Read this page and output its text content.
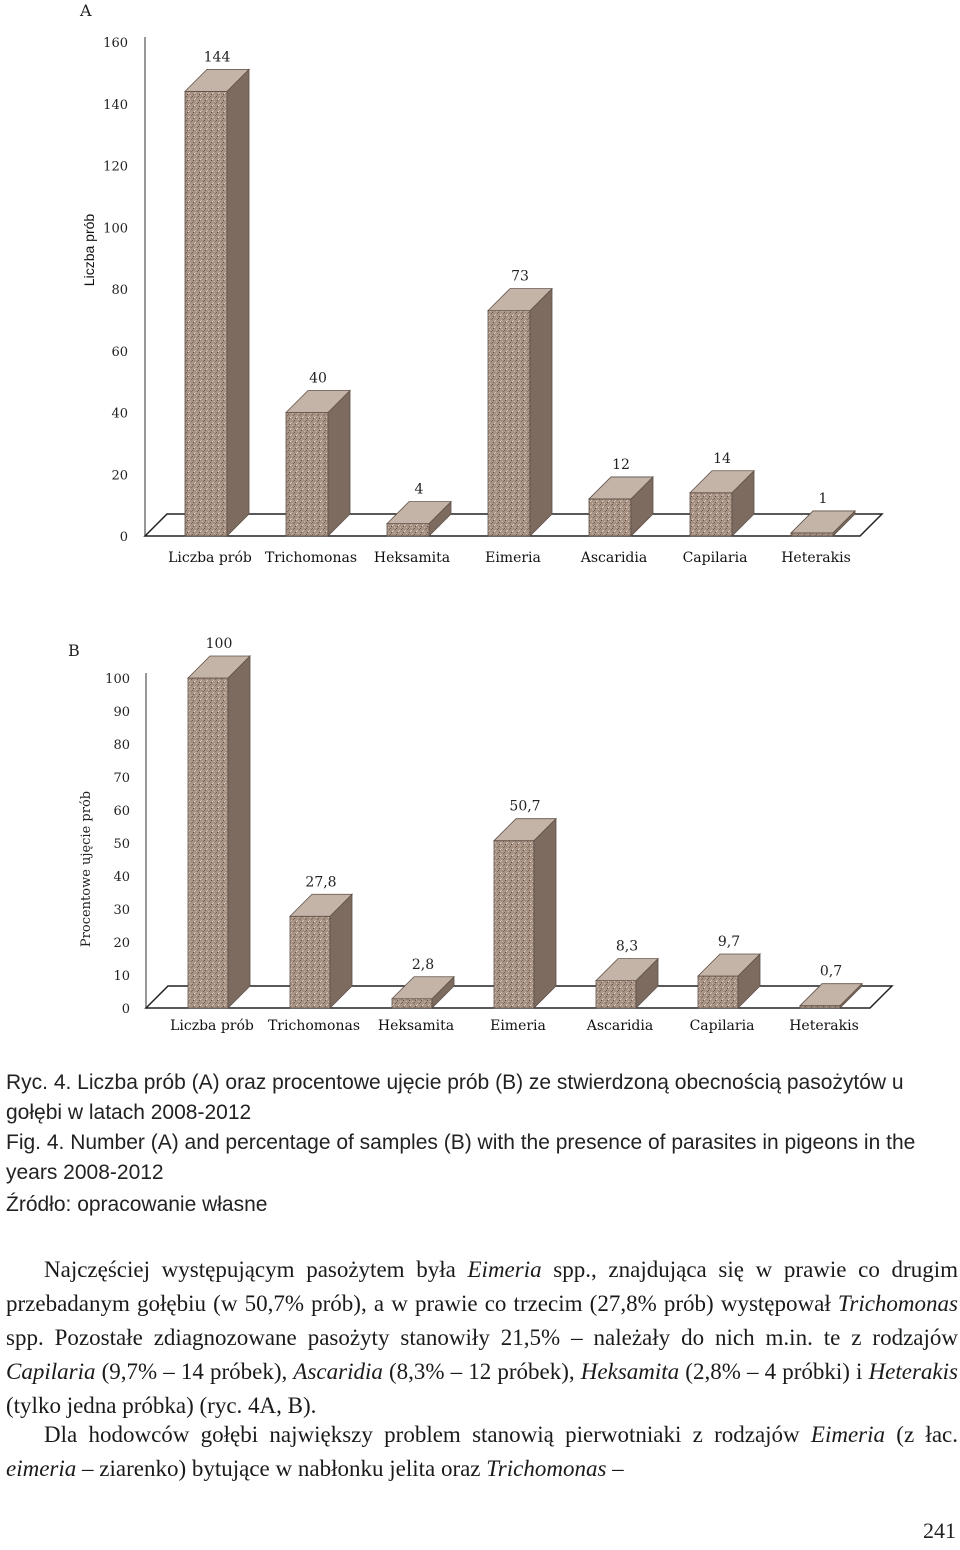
A
Liczba prób
0
20
40
60
80
100
120
140
160
144
40
4
73
12	14
1
Liczba prób Trichomonas Heksamita Eimeria	Ascaridia	Capilaria Heterakis
B
Procentowe ujęcie prób
0
10
20
30
40
50
60
70
80
90
100
100
27,8
2,8
50,7
8,3	9,7
0,7
Liczba prób Trichomonas Heksamita	Eimeria	Ascaridia	Capilaria Heterakis
Ryc. 4. Liczba prób (A) oraz procentowe ujęcie prób (B) ze stwierdzoną obecnością pasożytów u gołębi w latach 2008-2012
Fig. 4. Number (A) and percentage of samples (B) with the presence of parasites in pigeons in the years 2008-2012
Źródło: opracowanie własne

Najczęściej występującym pasożytem była Eimeria spp., znajdująca się w prawie co drugim przebadanym gołębiu (w 50,7% prób), a w prawie co trzecim (27,8% prób) występował Trichomonas spp. Pozostałe zdiagnozowane pasożyty stanowiły 21,5% – należały do nich m.in. te z rodzajów Capilaria (9,7% – 14 próbek), Ascaridia (8,3% – 12 próbek), Heksamita (2,8% – 4 próbki) i Heterakis (tylko jedna próbka) (ryc. 4A, B).

Dla hodowców gołębi największy problem stanowią pierwotniaki z rodzajów Eimeria (z łac. eimeria – ziarenko) bytujące w nabłonku jelita oraz Trichomonas –

241
